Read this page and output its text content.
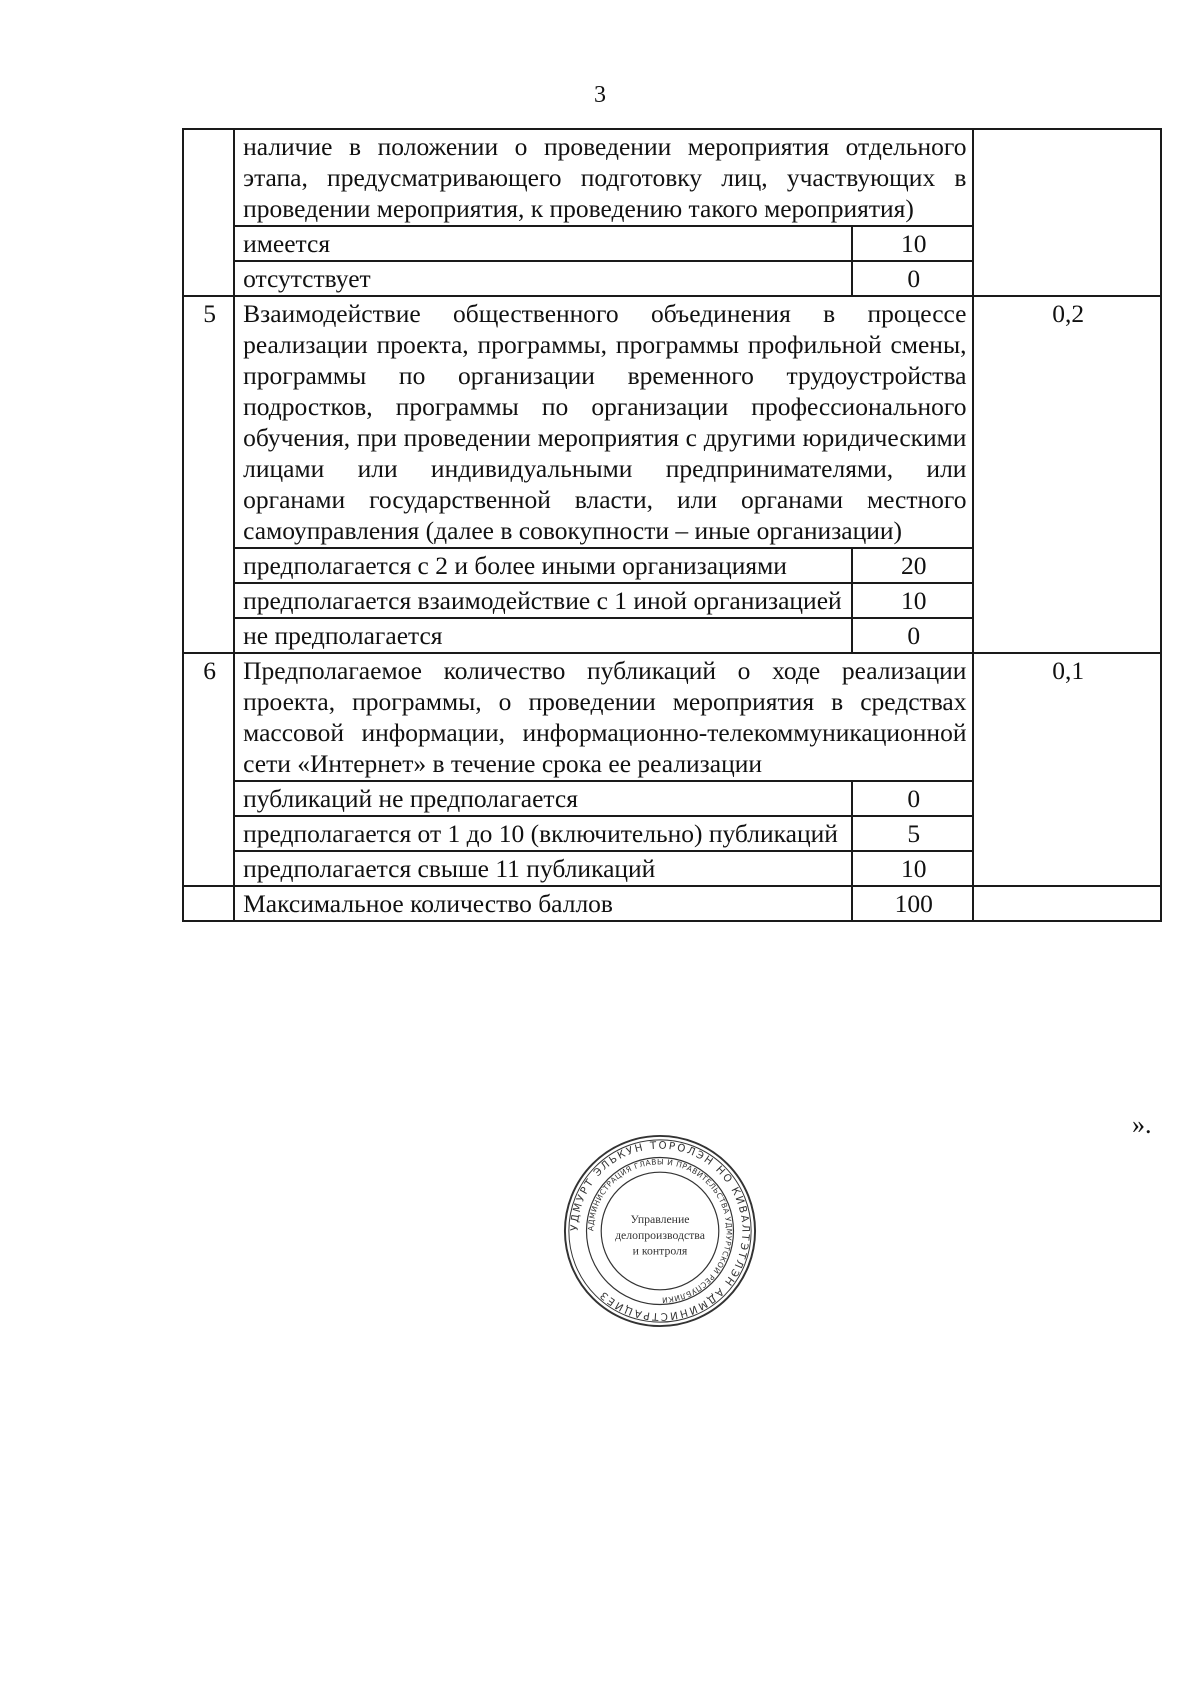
3
	наличие в положении о проведении мероприятия отдельного этапа, предусматривающего подготовку лиц, участвующих в проведении мероприятия, к проведению такого мероприятия)		
	имеется	10	
	отсутствует	0	
5	Взаимодействие общественного объединения в процессе реализации проекта, программы, программы профильной смены, программы по организации временного трудоустройства подростков, программы по организации профессионального обучения, при проведении мероприятия с другими юридическими лицами или индивидуальными предпринимателями, или органами государственной власти, или органами местного самоуправления (далее в совокупности – иные организации)		0,2
	предполагается с 2 и более иными организациями	20	
	предполагается взаимодействие с 1 иной организацией	10	
	не предполагается	0	
6	Предполагаемое количество публикаций о ходе реализации проекта, программы, о проведении мероприятия в средствах массовой информации, информационно-телекоммуникационной сети «Интернет» в течение срока ее реализации		0,1
	публикаций не предполагается	0	
	предполагается от 1 до 10 (включительно) публикаций	5	
	предполагается свыше 11 публикаций	10	
	Максимальное количество баллов	100	
».
УДМУРТ ЭЛЬКУН ТОРОЛЭН НО КИВАЛТЭТЛЭН АДМИНИСТРАЦИЕЗ
АДМИНИСТРАЦИЯ ГЛАВЫ И ПРАВИТЕЛЬСТВА УДМУРТСКОЙ РЕСПУБЛИКИ
Управление
делопроизводства
и контроля
